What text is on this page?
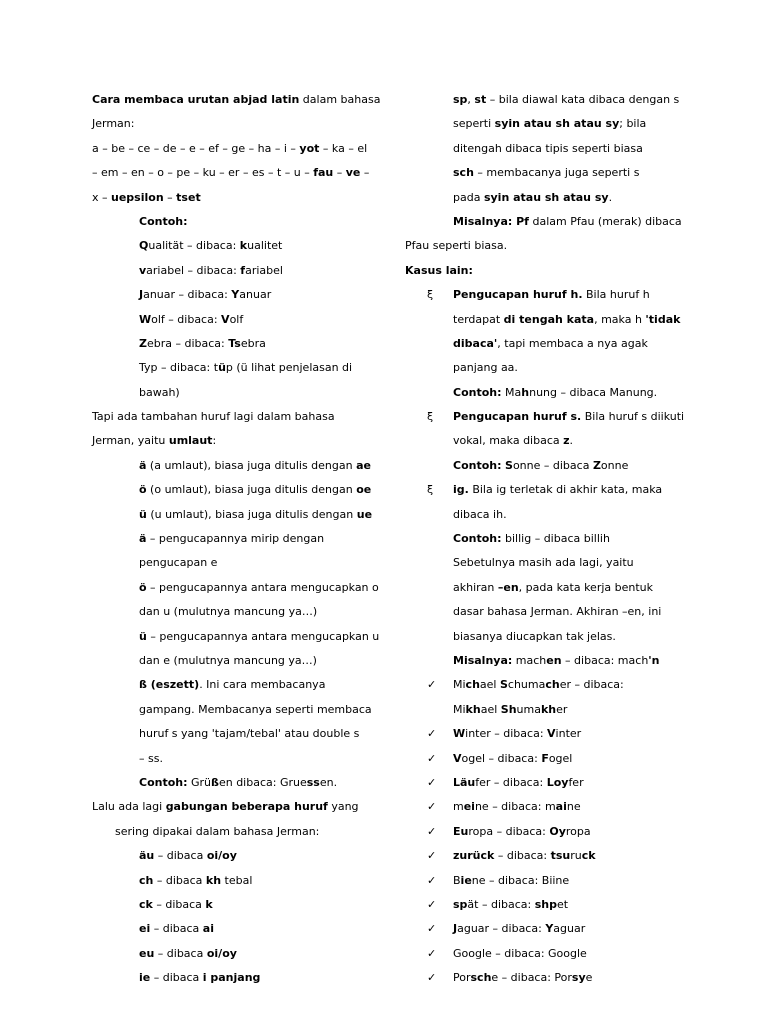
Cara membaca urutan abjad latin dalam bahasa
Jerman:
a – be – ce – de – e – ef – ge – ha – i – yot – ka – el
– em – en – o – pe – ku – er – es – t – u – fau – ve –
x – uepsilon – tset
Contoh:
Qualität – dibaca: kualitet
variabel – dibaca: fariabel
Januar – dibaca: Yanuar
Wolf – dibaca: Volf
Zebra – dibaca: Tsebra
Typ – dibaca: tüp (ü lihat penjelasan di
bawah)
Tapi ada tambahan huruf lagi dalam bahasa
Jerman, yaitu umlaut:
ä (a umlaut), biasa juga ditulis dengan ae
ö (o umlaut), biasa juga ditulis dengan oe
ü (u umlaut), biasa juga ditulis dengan ue
ä – pengucapannya mirip dengan
pengucapan e
ö – pengucapannya antara mengucapkan o
dan u (mulutnya mancung ya…)
ü – pengucapannya antara mengucapkan u
dan e (mulutnya mancung ya…)
ß (eszett). Ini cara membacanya
gampang. Membacanya seperti membaca
huruf s yang 'tajam/tebal' atau double s
– ss.
Contoh: Grüßen dibaca: Gruessen.
Lalu ada lagi gabungan beberapa huruf yang
sering dipakai dalam bahasa Jerman:
äu – dibaca oi/oy
ch – dibaca kh tebal
ck – dibaca k
ei – dibaca ai
eu – dibaca oi/oy
ie – dibaca i panjang
sp, st – bila diawal kata dibaca dengan s
seperti syin atau sh atau sy; bila
ditengah dibaca tipis seperti biasa
sch – membacanya juga seperti s
pada syin atau sh atau sy.
Misalnya: Pf dalam Pfau (merak) dibaca
Pfau seperti biasa.
Kasus lain:
ξ Pengucapan huruf h. Bila huruf h
terdapat di tengah kata, maka h 'tidak
dibaca', tapi membaca a nya agak
panjang aa.
Contoh: Mahnung – dibaca Manung.
ξ Pengucapan huruf s. Bila huruf s diikuti
vokal, maka dibaca z.
Contoh: Sonne – dibaca Zonne
ξ ig. Bila ig terletak di akhir kata, maka
dibaca ih.
Contoh: billig – dibaca billih
Sebetulnya masih ada lagi, yaitu
akhiran –en, pada kata kerja bentuk
dasar bahasa Jerman. Akhiran –en, ini
biasanya diucapkan tak jelas.
Misalnya: machen – dibaca: mach'n
✓ Michael Schumacher – dibaca:
Mikhael Shumakher
✓ Winter – dibaca: Vinter
✓ Vogel – dibaca: Fogel
✓ Läufer – dibaca: Loyfer
✓ meine – dibaca: maine
✓ Europa – dibaca: Oyropa
✓ zurück – dibaca: tsuruck
✓ Biene – dibaca: Biine
✓ spät – dibaca: shpet
✓ Jaguar – dibaca: Yaguar
✓ Google – dibaca: Google
✓ Porsche – dibaca: Porsye
